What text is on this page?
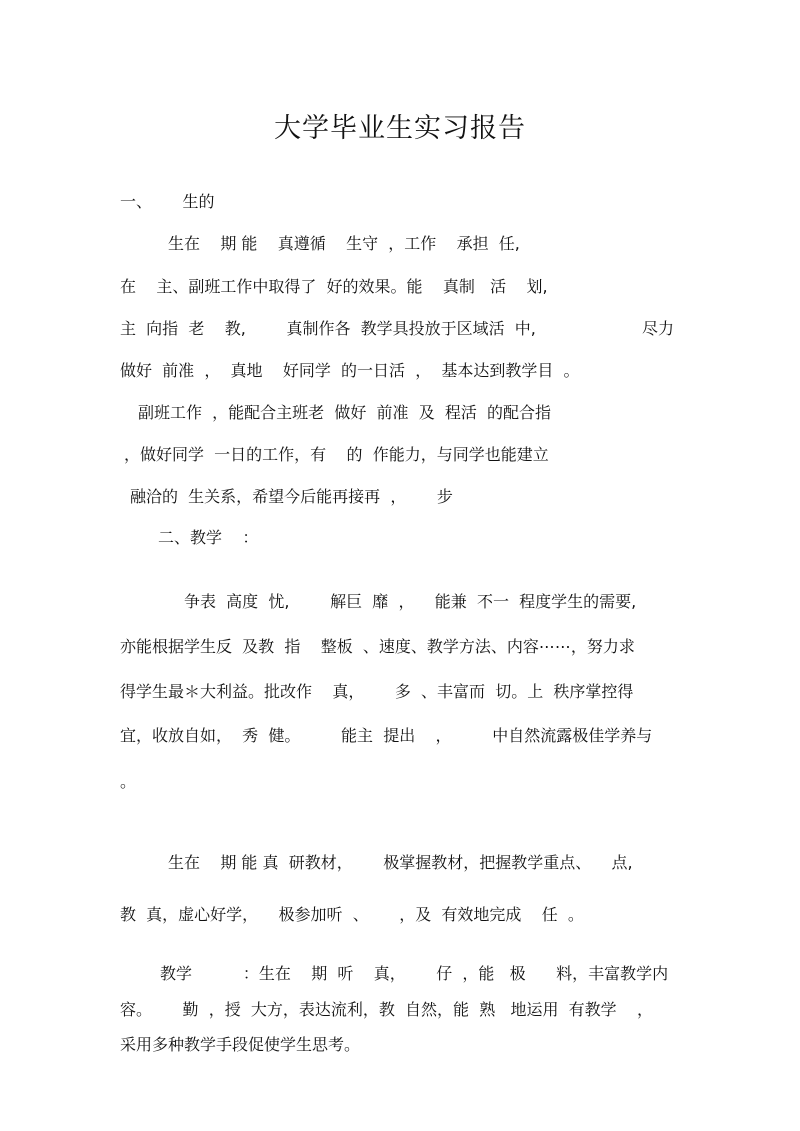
大学毕业生实习报告
一、      生的
生在    期 能    真遵循    生守  ，工作    承担  任,
在    主、副班工作中取得了  好的效果。能    真制   活    划,
主  向指  老    教,        真制作各  教学具投放于区域活  中,	尽力
做好  前准  ，  真地    好同学  的一日活  ，  基本达到教学目  。
副班工作  ，能配合主班老  做好  前准  及  程活  的配合指
，做好同学  一日的工作，有    的  作能力，与同学也能建立
融洽的  生关系，希望今后能再接再  ，      步
二、教学    ：
争表  高度  忧,        解巨  靡  ，    能兼  不一  程度学生的需要,
亦能根据学生反  及教  指    整板  、速度、教学方法、内容⋯⋯，努力求
得学生最＊大利益。批改作    真，      多  、丰富而  切。上  秩序掌控得
宜，收放自如，  秀  健。        能主  提出    ，        中自然流露极佳学养与
。
生在    期 能 真  研教材，      极掌握教材，把握教学重点、    点,
教  真，虚心好学，    极参加听  、      ，及  有效地完成    任  。
教学          ：生在    期  听    真，      仔  ，能   极      料，丰富教学内
容。      勤  ，授  大方，表达流利，教  自然，能  熟   地运用  有教学    ，
采用多种教学手段促使学生思考。
